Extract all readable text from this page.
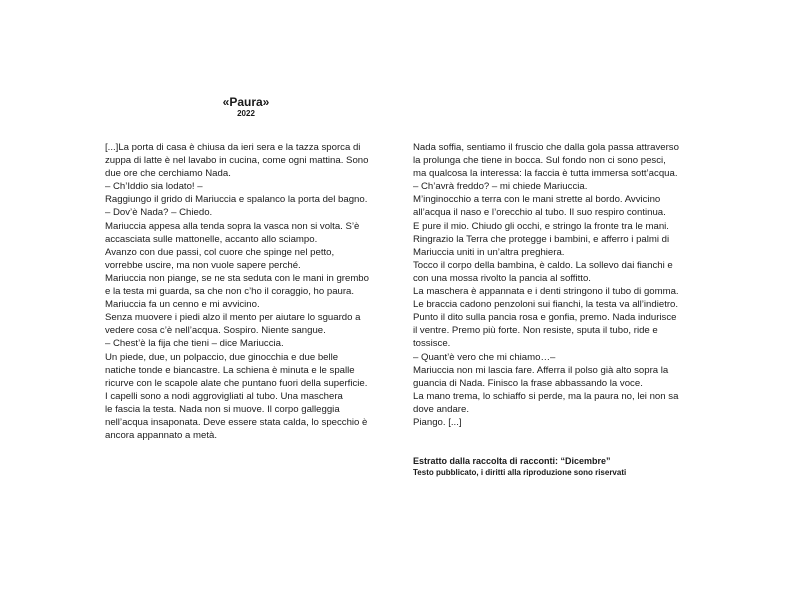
«Paura»
2022

[...]La porta di casa è chiusa da ieri sera e la tazza sporca di

zuppa di latte è nel lavabo in cucina, come ogni mattina. Sono

due ore che cerchiamo Nada.

– Ch’Iddio sia lodato! –

Raggiungo il grido di Mariuccia e spalanco la porta del bagno.

– Dov’è Nada? – Chiedo.

Mariuccia appesa alla tenda sopra la vasca non si volta. S’è

accasciata sulle mattonelle, accanto allo sciampo.

Avanzo con due passi, col cuore che spinge nel petto,

vorrebbe uscire, ma non vuole sapere perché.

Mariuccia non piange, se ne sta seduta con le mani in grembo

e la testa mi guarda, sa che non c’ho il coraggio, ho paura.

Mariuccia fa un cenno e mi avvicino.

Senza muovere i piedi alzo il mento per aiutare lo sguardo a

vedere cosa c’è nell’acqua. Sospiro. Niente sangue.

– Chest’è la fija che tieni – dice Mariuccia.

Un piede, due, un polpaccio, due ginocchia e due belle

natiche tonde e biancastre. La schiena è minuta e le spalle

ricurve con le scapole alate che puntano fuori della superficie.

I capelli sono a nodi aggrovigliati al tubo. Una maschera

le fascia la testa. Nada non si muove. Il corpo galleggia

nell’acqua insaponata. Deve essere stata calda, lo specchio è

ancora appannato a metà.

Nada soffia, sentiamo il fruscio che dalla gola passa attraverso

la prolunga che tiene in bocca. Sul fondo non ci sono pesci,

ma qualcosa la interessa: la faccia è tutta immersa sott’acqua.

– Ch’avrà freddo? – mi chiede Mariuccia.

M’inginocchio a terra con le mani strette al bordo. Avvicino

all’acqua il naso e l’orecchio al tubo. Il suo respiro continua.

E pure il mio. Chiudo gli occhi, e stringo la fronte tra le mani.

Ringrazio la Terra che protegge i bambini, e afferro i palmi di

Mariuccia uniti in un’altra preghiera.

Tocco il corpo della bambina, è caldo. La sollevo dai fianchi e

con una mossa rivolto la pancia al soffitto.

La maschera è appannata e i denti stringono il tubo di gomma.

Le braccia cadono penzoloni sui fianchi, la testa va all’indietro.

Punto il dito sulla pancia rosa e gonfia, premo. Nada indurisce

il ventre. Premo più forte. Non resiste, sputa il tubo, ride e

tossisce.

– Quant’è vero che mi chiamo…–

Mariuccia non mi lascia fare. Afferra il polso già alto sopra la

guancia di Nada. Finisco la frase abbassando la voce.

La mano trema, lo schiaffo si perde, ma la paura no, lei non sa

dove andare.

Piango. [...]

Estratto dalla raccolta di racconti: “Dicembre”
Testo pubblicato, i diritti alla riproduzione sono riservati
